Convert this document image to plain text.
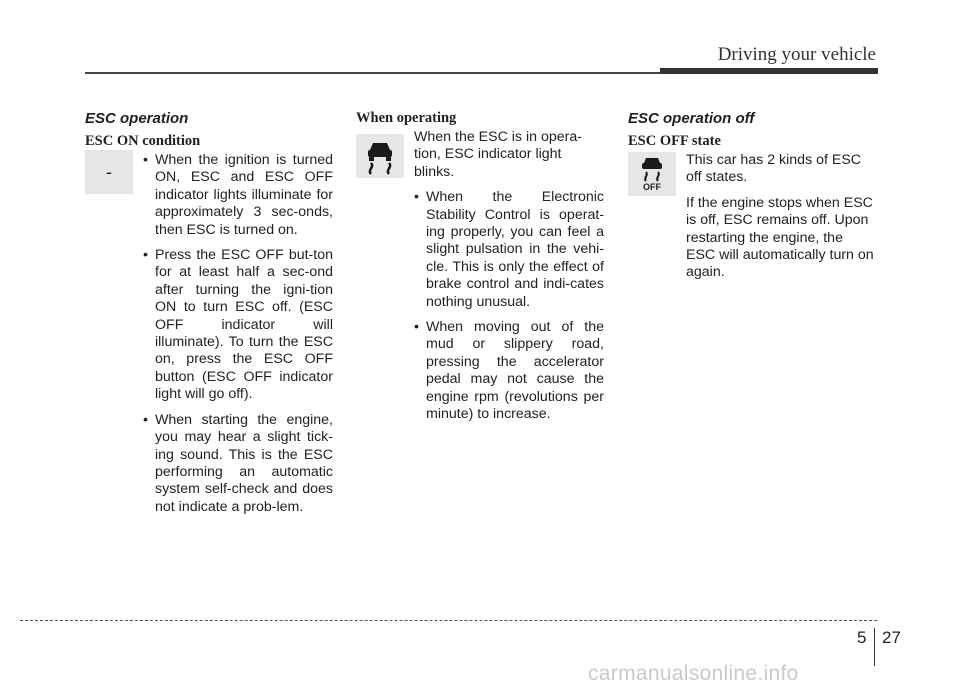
Driving your vehicle
ESC operation
ESC ON condition
-
• When the ignition is turned ON, ESC and ESC OFF indicator lights illuminate for approximately 3 sec-onds, then ESC is turned on.
• Press the ESC OFF but-ton for at least half a sec-ond after turning the igni-tion ON to turn ESC off. (ESC OFF indicator will illuminate). To turn the ESC on, press the ESC OFF button (ESC OFF indicator light will go off).
• When starting the engine, you may hear a slight tick-ing sound. This is the ESC performing an automatic system self-check and does not indicate a prob-lem.
When operating

When the ESC is in opera-tion, ESC indicator light blinks.

• When the Electronic Stability Control is operat-ing properly, you can feel a slight pulsation in the vehi-cle. This is only the effect of brake control and indi-cates nothing unusual.
• When moving out of the mud or slippery road, pressing the accelerator pedal may not cause the engine rpm (revolutions per minute) to increase.
ESC operation off
ESC OFF state
OFF

This car has 2 kinds of ESC off states.

If the engine stops when ESC is off, ESC remains off. Upon restarting the engine, the ESC will automatically turn on again.

5 27
carmanualsonline.info
